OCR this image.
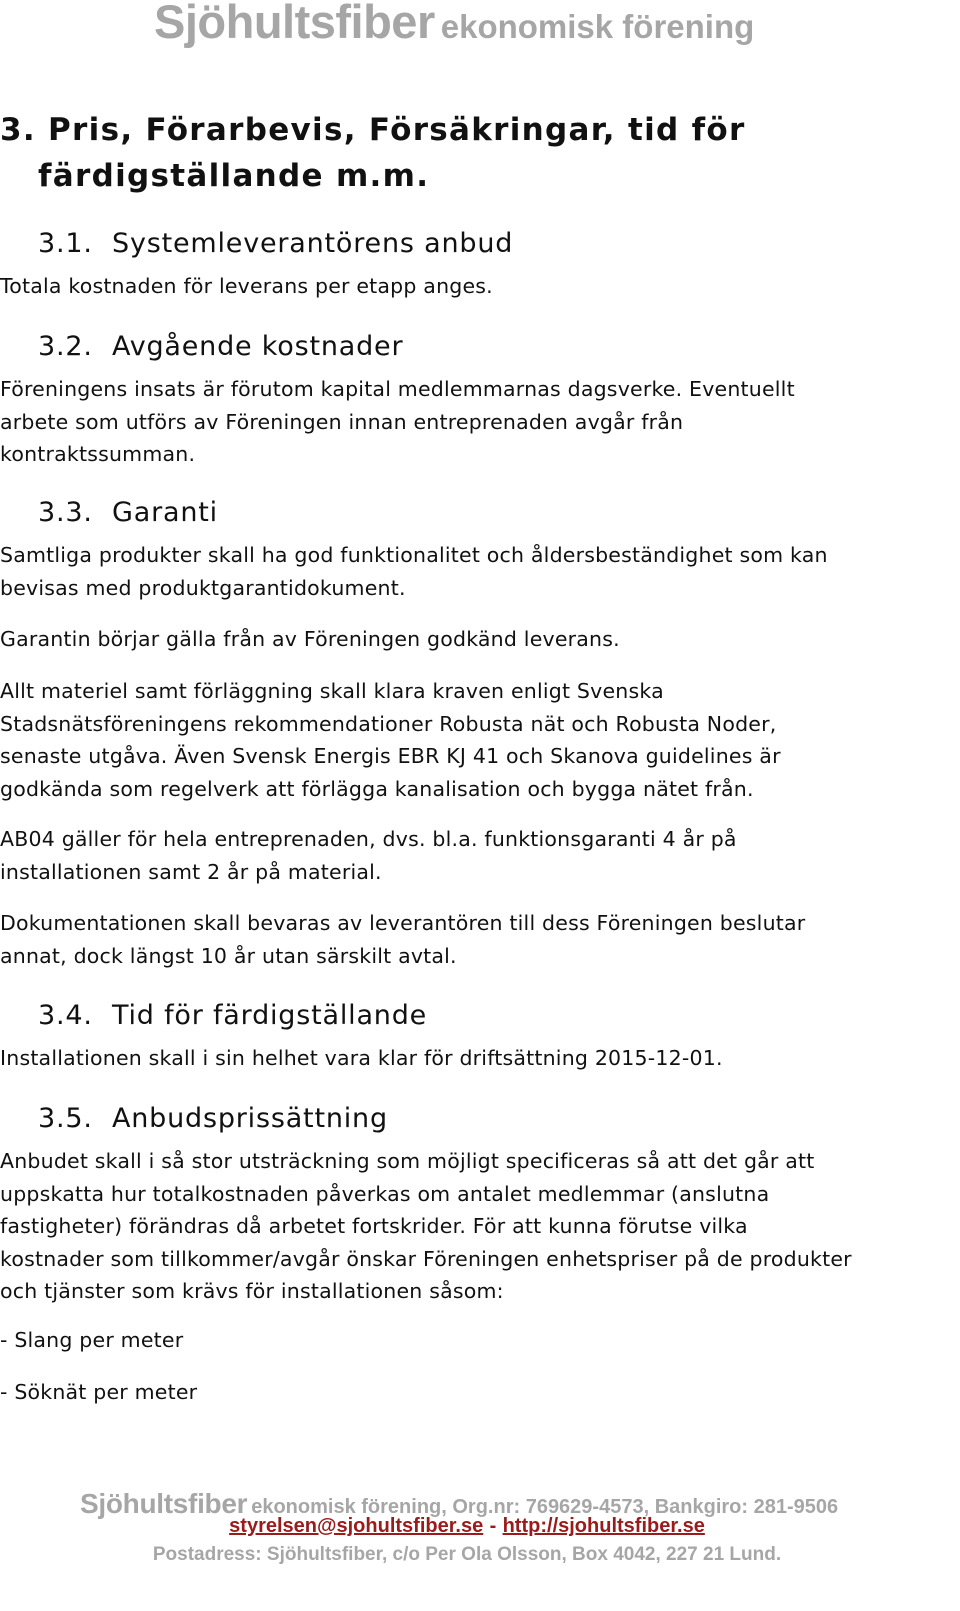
Sjöhultsfiber ekonomisk förening
3. Pris, Förarbevis, Försäkringar, tid för
färdigställande m.m.
3.1. Systemleverantörens anbud
Totala kostnaden för leverans per etapp anges.
3.2. Avgående kostnader
Föreningens insats är förutom kapital medlemmarnas dagsverke. Eventuellt
arbete som utförs av Föreningen innan entreprenaden avgår från
kontraktssumman.
3.3. Garanti
Samtliga produkter skall ha god funktionalitet och åldersbeständighet som kan
bevisas med produktgarantidokument.
Garantin börjar gälla från av Föreningen godkänd leverans.
Allt materiel samt förläggning skall klara kraven enligt Svenska
Stadsnätsföreningens rekommendationer Robusta nät och Robusta Noder,
senaste utgåva. Även Svensk Energis EBR KJ 41 och Skanova guidelines är
godkända som regelverk att förlägga kanalisation och bygga nätet från.
AB04 gäller för hela entreprenaden, dvs. bl.a. funktionsgaranti 4 år på
installationen samt 2 år på material.
Dokumentationen skall bevaras av leverantören till dess Föreningen beslutar
annat, dock längst 10 år utan särskilt avtal.
3.4. Tid för färdigställande
Installationen skall i sin helhet vara klar för driftsättning 2015-12-01.
3.5. Anbudsprissättning
Anbudet skall i så stor utsträckning som möjligt specificeras så att det går att
uppskatta hur totalkostnaden påverkas om antalet medlemmar (anslutna
fastigheter) förändras då arbetet fortskrider. För att kunna förutse vilka
kostnader som tillkommer/avgår önskar Föreningen enhetspriser på de produkter
och tjänster som krävs för installationen såsom:
- Slang per meter
- Söknät per meter
Sjöhultsfiber ekonomisk förening, Org.nr: 769629-4573, Bankgiro: 281-9506
styrelsen@sjohultsfiber.se - http://sjohultsfiber.se
Postadress: Sjöhultsfiber, c/o Per Ola Olsson, Box 4042, 227 21 Lund.
